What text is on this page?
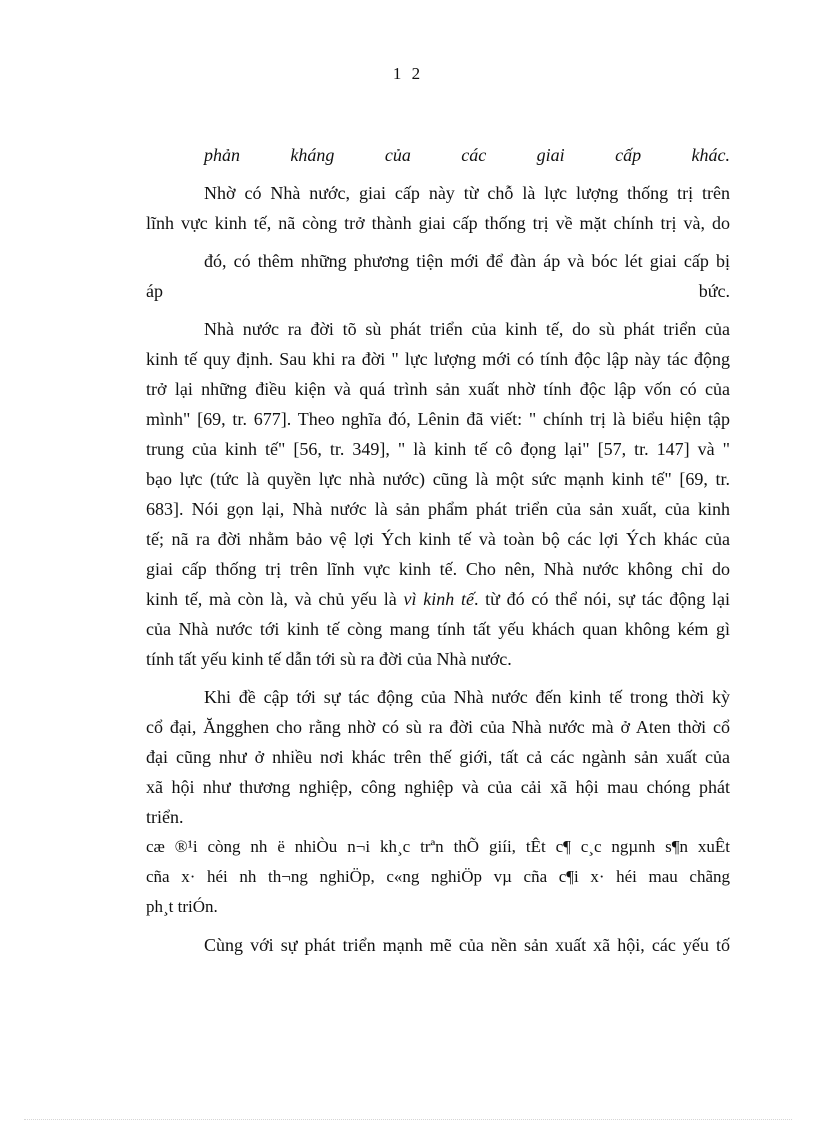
1 2
phản kháng của các giai cấp khác.
Nhờ có Nhà nước, giai cấp này từ chỗ là lực lượng thống trị trên
lĩnh vực kinh tế, nã còng trở thành giai cấp thống trị về mặt chính trị và, do
đó, có thêm những phương tiện mới để đàn áp và bóc lét giai cấp bị
áp bức.
Nhà nước ra đời tõ sù phát triển của kinh tế, do sù phát triển của
kinh tế quy định. Sau khi ra đời " lực lượng mới có tính độc lập này tác động
trở lại những điều kiện và quá trình sản xuất nhờ tính độc lập vốn có của
mình" [69, tr. 677]. Theo nghĩa đó, Lênin đã viết: " chính trị là biểu hiện tập
trung của kinh tế" [56, tr. 349], " là kinh tế cô đọng lại" [57, tr. 147] và "
bạo lực (tức là quyền lực nhà nước) cũng là một sức mạnh kinh tế" [69, tr.
683]. Nói gọn lại, Nhà nước là sản phẩm phát triển của sản xuất, của kinh
tế; nã ra đời nhằm bảo vệ lợi Ých kinh tế và toàn bộ các lợi Ých khác của
giai cấp thống trị trên lĩnh vực kinh tế. Cho nên, Nhà nước không chỉ do
kinh tế, mà còn là, và chủ yếu là vì kinh tế. từ đó có thể nói, sự tác động lại
của Nhà nước tới kinh tế còng mang tính tất yếu khách quan không kém gì
tính tất yếu kinh tế dẫn tới sù ra đời của Nhà nước.
Khi đề cập tới sự tác động của Nhà nước đến kinh tế trong thời kỳ
cổ đại, Ăngghen cho rằng nhờ có sù ra đời của Nhà nước mà ở Aten thời cổ
đại cũng như ở nhiều nơi khác trên thế giới, tất cả các ngành sản xuất của
xã hội như thương nghiệp, công nghiệp và của cải xã hội mau chóng phát
triển.
cæ ®¹i còng nh ë nhiÒu n¬i kh¸c trªn thÕ giíi, tÊt c¶ c¸c ngµnh s¶n xuÊt
cña x· héi nh th¬ng nghiÖp, c«ng nghiÖp vµ cña c¶i x· héi mau chãng
ph¸t triÓn.
Cùng với sự phát triển mạnh mẽ của nền sản xuất xã hội, các yếu tố
